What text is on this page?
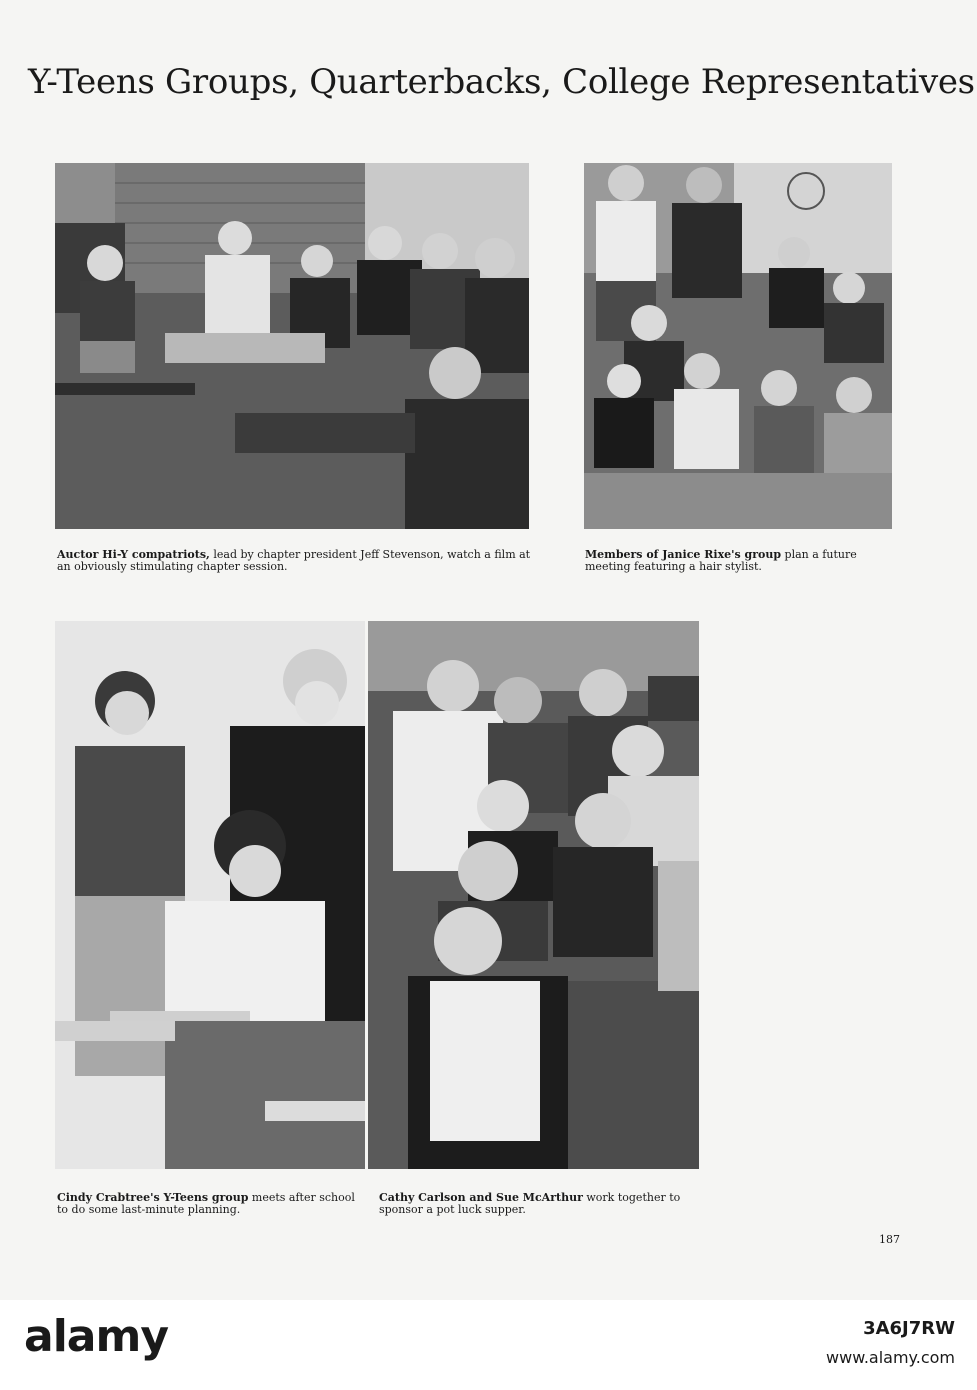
Y-Teens Groups, Quarterbacks, College Representatives
Auctor Hi-Y compatriots, lead by chapter president Jeff Stevenson, watch a film at an obviously stimulating chapter session.
Members of Janice Rixe's group plan a future meeting featuring a hair stylist.
Cindy Crabtree's Y-Teens group meets after school to do some last-minute planning.
Cathy Carlson and Sue McArthur work together to sponsor a pot luck supper.
187
alamy	3A6J7RW
www.alamy.com
